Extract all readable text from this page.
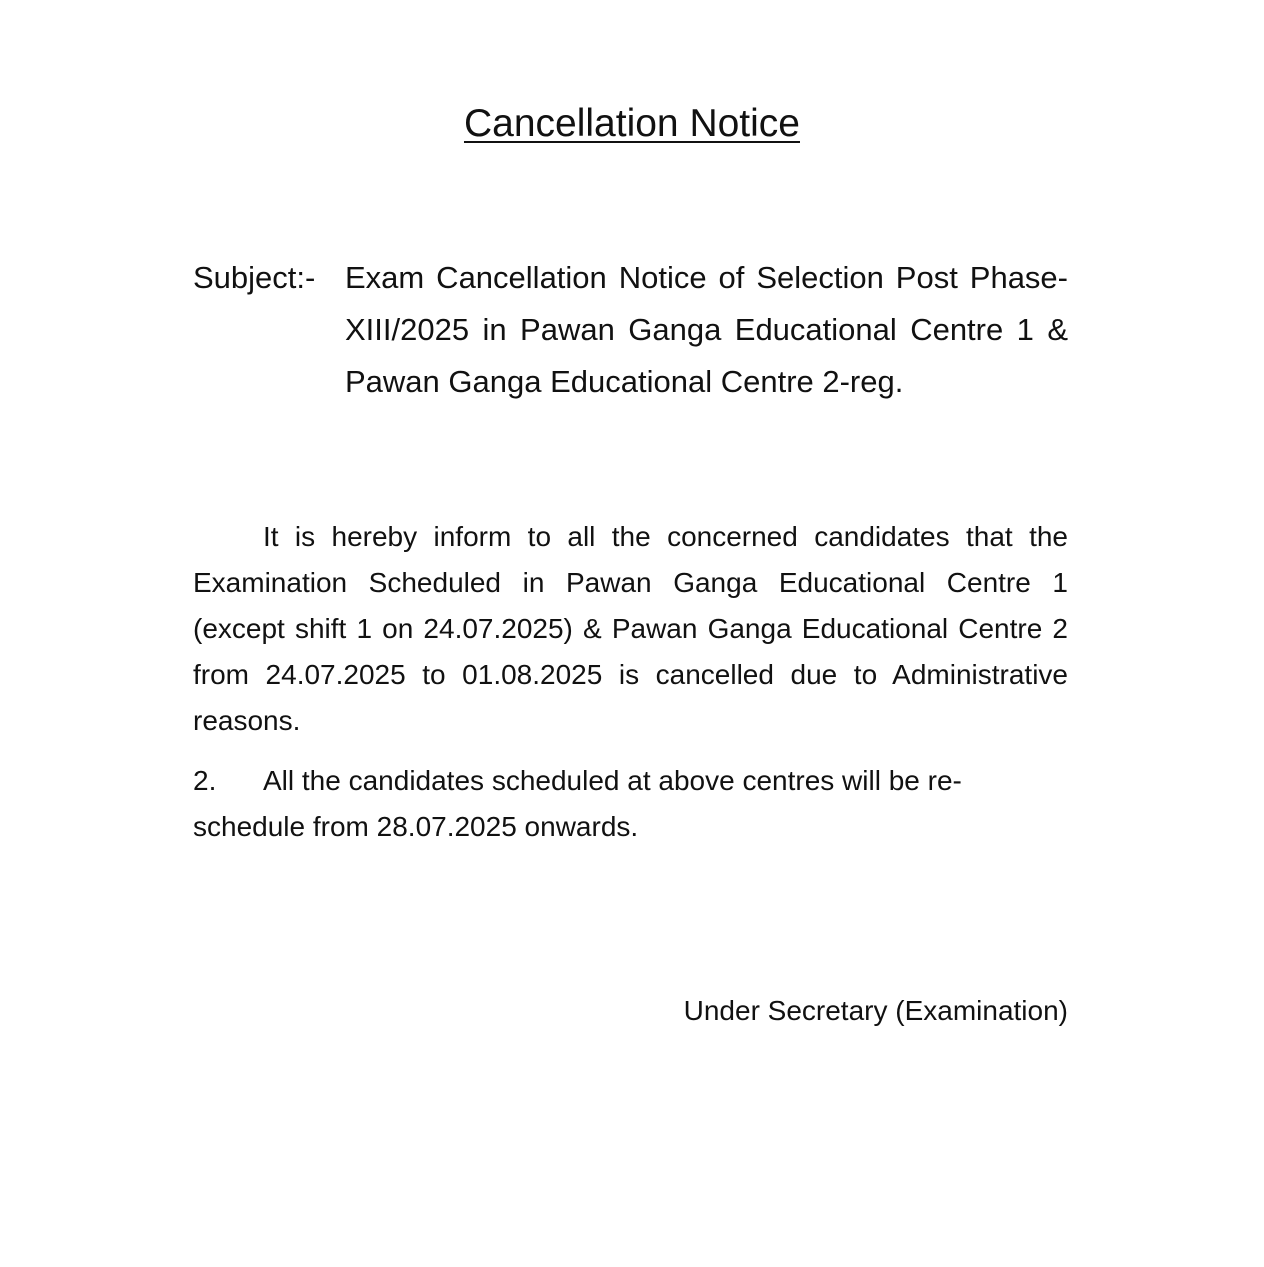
Cancellation Notice
Subject:- Exam Cancellation Notice of Selection Post Phase-XIII/2025 in Pawan Ganga Educational Centre 1 & Pawan Ganga Educational Centre 2-reg.

It is hereby inform to all the concerned candidates that the Examination Scheduled in Pawan Ganga Educational Centre 1 (except shift 1 on 24.07.2025) & Pawan Ganga Educational Centre 2 from 24.07.2025 to 01.08.2025 is cancelled due to Administrative reasons.

2. All the candidates scheduled at above centres will be re-schedule from 28.07.2025 onwards.

Under Secretary (Examination)
